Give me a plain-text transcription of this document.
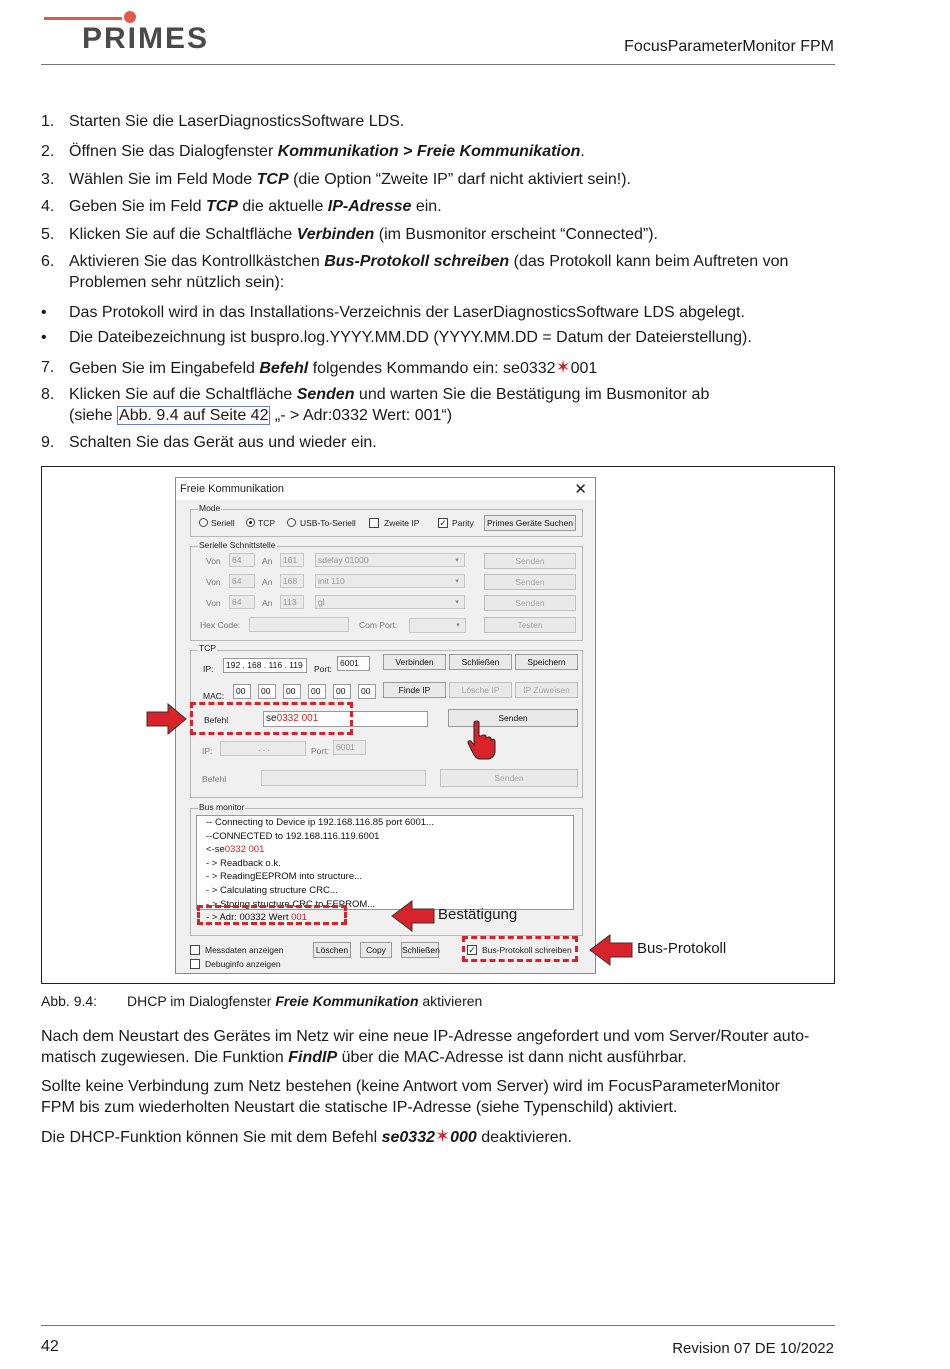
PRIMES	FocusParameterMonitor FPM
1. Starten Sie die LaserDiagnosticsSoftware LDS.
2. Öffnen Sie das Dialogfenster Kommunikation > Freie Kommunikation.
3. Wählen Sie im Feld Mode TCP (die Option “Zweite IP” darf nicht aktiviert sein!).
4. Geben Sie im Feld TCP die aktuelle IP-Adresse ein.
5. Klicken Sie auf die Schaltfläche Verbinden (im Busmonitor erscheint “Connected”).
6. Aktivieren Sie das Kontrollkästchen Bus-Protokoll schreiben (das Protokoll kann beim Auftreten von Problemen sehr nützlich sein):
• Das Protokoll wird in das Installations-Verzeichnis der LaserDiagnosticsSoftware LDS abgelegt.
• Die Dateibezeichnung ist buspro.log.YYYY.MM.DD (YYYY.MM.DD = Datum der Dateierstellung).
7. Geben Sie im Eingabefeld Befehl folgendes Kommando ein: se0332✶001
8. Klicken Sie auf die Schaltfläche Senden und warten Sie die Bestätigung im Busmonitor ab
(siehe Abb. 9.4 auf Seite 42 „- > Adr:0332 Wert: 001“)
9. Schalten Sie das Gerät aus und wieder ein.
Freie Kommunikation	✕
Mode
Seriell	TCP	USB-To-Seriell	Zweite IP ✓ Parity	Primes Geräte Suchen
Serielle Schnittstelle
Von	64	An	161	sdelay 01000	▾	Senden
Von	64	An	168	init 110	▾	Senden
Von	64	An	113	gl	▾	Senden
Hex Code:	Com Port:	▾	Testen
TCP
IP:	192 . 168 . 116 . 119	Port:
6001	Verbinden	Schließen	Speichern
MAC:	00	00	00	00	00	00	Finde IP	Lösche IP	IP Zuweisen
Befehl	se0332 001	Senden
IP:	. . .	Port: 6001
Befehl	Senden
Bus monitor
-- Connecting to Device ip 192.168.116.85 port 6001...
--CONNECTED to 192.168.116.119.6001
<-se0332 001
- > Readback o.k.
- > ReadingEEPROM into structure...
- > Calculating structure CRC...
- > Storing structure CRC to EEPROM...
- > Adr: 00332 Wert 001
Messdaten anzeigen
Debuginfo anzeigen
Löschen	Copy	Schließen	✓ Bus-Protokoll schreiben
Bestätigung
Bus-Protokoll
Abb. 9.4: DHCP im Dialogfenster Freie Kommunikation aktivieren
Nach dem Neustart des Gerätes im Netz wir eine neue IP-Adresse angefordert und vom Server/Router auto-
matisch zugewiesen. Die Funktion FindIP über die MAC-Adresse ist dann nicht ausführbar.
Sollte keine Verbindung zum Netz bestehen (keine Antwort vom Server) wird im FocusParameterMonitor
FPM bis zum wiederholten Neustart die statische IP-Adresse (siehe Typenschild) aktiviert.
Die DHCP-Funktion können Sie mit dem Befehl se0332✶000 deaktivieren.
42	Revision 07 DE 10/2022
